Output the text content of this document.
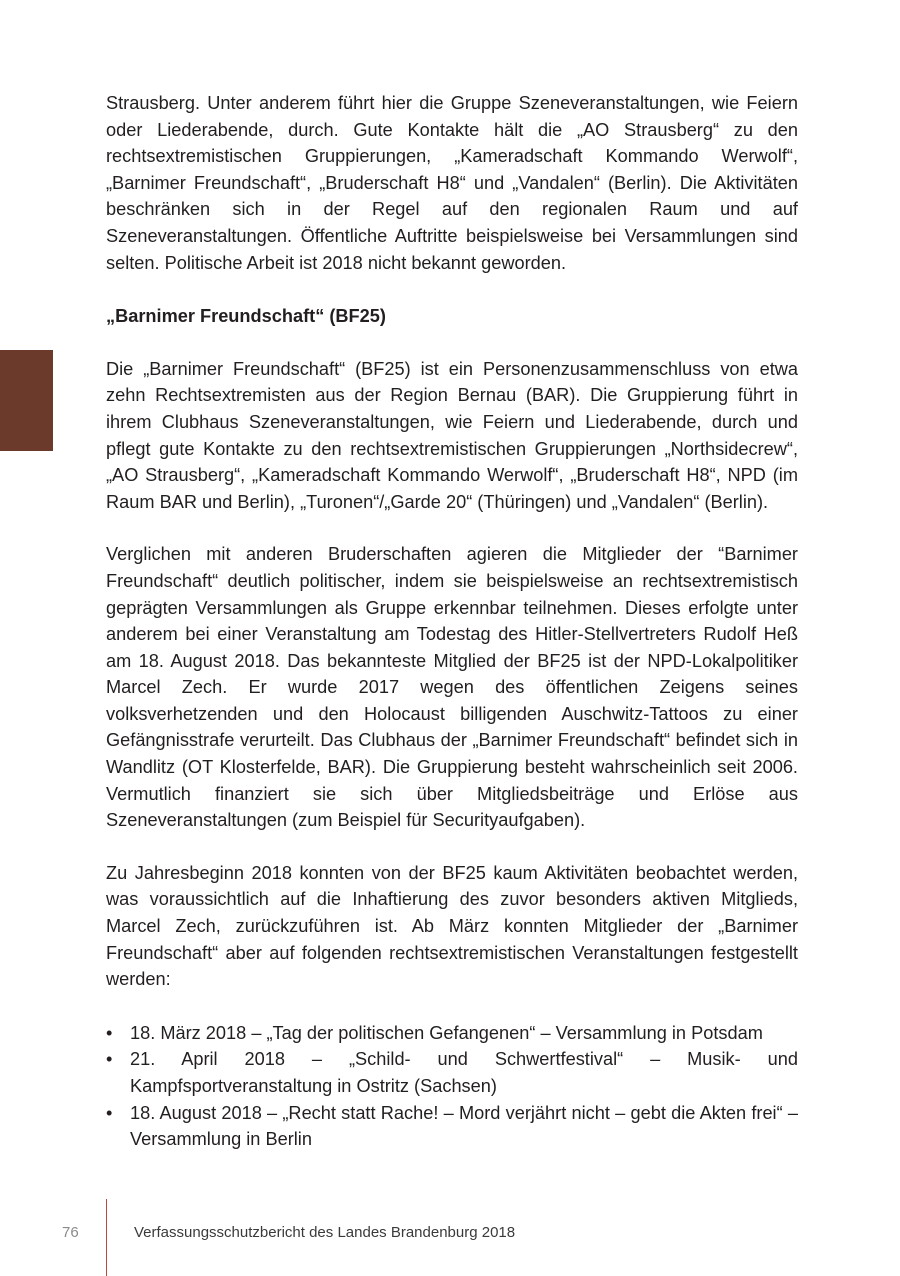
Strausberg. Unter anderem führt hier die Gruppe Szeneveranstaltungen, wie Feiern oder Liederabende, durch. Gute Kontakte hält die „AO Strausberg“ zu den rechtsextremistischen Gruppierungen, „Kameradschaft Kommando Werwolf“, „Barnimer Freundschaft“, „Bruderschaft H8“ und „Vandalen“ (Berlin). Die Aktivitäten beschränken sich in der Regel auf den regionalen Raum und auf Szeneveranstaltungen. Öffentliche Auftritte beispielsweise bei Versammlungen sind selten. Politische Arbeit ist 2018 nicht bekannt geworden.

„Barnimer Freundschaft“ (BF25)

Die „Barnimer Freundschaft“ (BF25) ist ein Personenzusammenschluss von etwa zehn Rechtsextremisten aus der Region Bernau (BAR). Die Gruppierung führt in ihrem Clubhaus Szeneveranstaltungen, wie Feiern und Liederabende, durch und pflegt gute Kontakte zu den rechtsextremistischen Gruppierungen „Northsidecrew“, „AO Strausberg“, „Kameradschaft Kommando Werwolf“, „Bruderschaft H8“, NPD (im Raum BAR und Berlin), „Turonen“/„Garde 20“ (Thüringen) und „Vandalen“ (Berlin).

Verglichen mit anderen Bruderschaften agieren die Mitglieder der “Barnimer Freundschaft“ deutlich politischer, indem sie beispielsweise an rechtsextremistisch geprägten Versammlungen als Gruppe erkennbar teilnehmen. Dieses erfolgte unter anderem bei einer Veranstaltung am Todestag des Hitler-Stellvertreters Rudolf Heß am 18. August 2018. Das bekannteste Mitglied der BF25 ist der NPD-Lokalpolitiker Marcel Zech. Er wurde 2017 wegen des öffentlichen Zeigens seines volksverhetzenden und den Holocaust billigenden Auschwitz-Tattoos zu einer Gefängnisstrafe verurteilt. Das Clubhaus der „Barnimer Freundschaft“ befindet sich in Wandlitz (OT Klosterfelde, BAR). Die Gruppierung besteht wahrscheinlich seit 2006. Vermutlich finanziert sie sich über Mitgliedsbeiträge und Erlöse aus Szeneveranstaltungen (zum Beispiel für Securityaufgaben).

Zu Jahresbeginn 2018 konnten von der BF25 kaum Aktivitäten beobachtet werden, was voraussichtlich auf die Inhaftierung des zuvor besonders aktiven Mitglieds, Marcel Zech, zurückzuführen ist. Ab März konnten Mitglieder der „Barnimer Freundschaft“ aber auf folgenden rechtsextremistischen Veranstaltungen festgestellt werden:

• 18. März 2018 – „Tag der politischen Gefangenen“ – Versammlung in Potsdam
• 21. April 2018 – „Schild- und Schwertfestival“ – Musik- und Kampfsportveranstaltung in Ostritz (Sachsen)
• 18. August 2018 – „Recht statt Rache! – Mord verjährt nicht – gebt die Akten frei“ – Versammlung in Berlin
76	Verfassungsschutzbericht des Landes Brandenburg 2018
